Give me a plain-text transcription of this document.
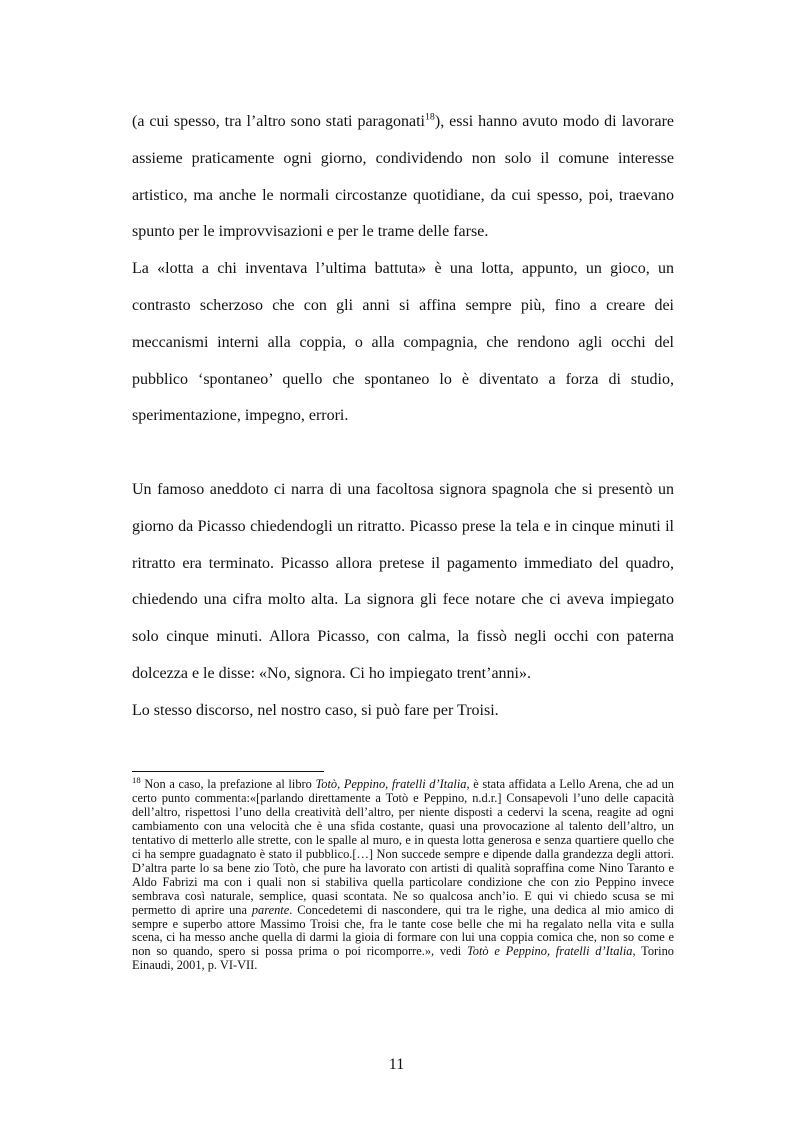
(a cui spesso, tra l’altro sono stati paragonati$^{18}$), essi hanno avuto modo di lavorare assieme praticamente ogni giorno, condividendo non solo il comune interesse artistico, ma anche le normali circostanze quotidiane, da cui spesso, poi, traevano spunto per le improvvisazioni e per le trame delle farse.

La «lotta a chi inventava l’ultima battuta» è una lotta, appunto, un gioco, un contrasto scherzoso che con gli anni si affina sempre più, fino a creare dei meccanismi interni alla coppia, o alla compagnia, che rendono agli occhi del pubblico ‘spontaneo’ quello che spontaneo lo è diventato a forza di studio, sperimentazione, impegno, errori.

Un famoso aneddoto ci narra di una facoltosa signora spagnola che si presentò un giorno da Picasso chiedendogli un ritratto. Picasso prese la tela e in cinque minuti il ritratto era terminato. Picasso allora pretese il pagamento immediato del quadro, chiedendo una cifra molto alta. La signora gli fece notare che ci aveva impiegato solo cinque minuti. Allora Picasso, con calma, la fissò negli occhi con paterna dolcezza e le disse: «No, signora. Ci ho impiegato trent’anni».

Lo stesso discorso, nel nostro caso, si può fare per Troisi.

$^{18}$ Non a caso, la prefazione al libro Totò, Peppino, fratelli d’Italia, è stata affidata a Lello Arena, che ad un certo punto commenta:«[parlando direttamente a Totò e Peppino, n.d.r.] Consapevoli l’uno delle capacità dell’altro, rispettosi l’uno della creatività dell’altro, per niente disposti a cedervi la scena, reagite ad ogni cambiamento con una velocità che è una sfida costante, quasi una provocazione al talento dell’altro, un tentativo di metterlo alle strette, con le spalle al muro, e in questa lotta generosa e senza quartiere quello che ci ha sempre guadagnato è stato il pubblico.[…] Non succede sempre e dipende dalla grandezza degli attori. D’altra parte lo sa bene zio Totò, che pure ha lavorato con artisti di qualità sopraffina come Nino Taranto e Aldo Fabrizi ma con i quali non si stabiliva quella particolare condizione che con zio Peppino invece sembrava così naturale, semplice, quasi scontata. Ne so qualcosa anch’io. E qui vi chiedo scusa se mi permetto di aprire una parente. Concedetemi di nascondere, qui tra le righe, una dedica al mio amico di sempre e superbo attore Massimo Troisi che, fra le tante cose belle che mi ha regalato nella vita e sulla scena, ci ha messo anche quella di darmi la gioia di formare con lui una coppia comica che, non so come e non so quando, spero si possa prima o poi ricomporre.», vedi Totò e Peppino, fratelli d’Italia, Torino Einaudi, 2001, p. VI-VII.
11
